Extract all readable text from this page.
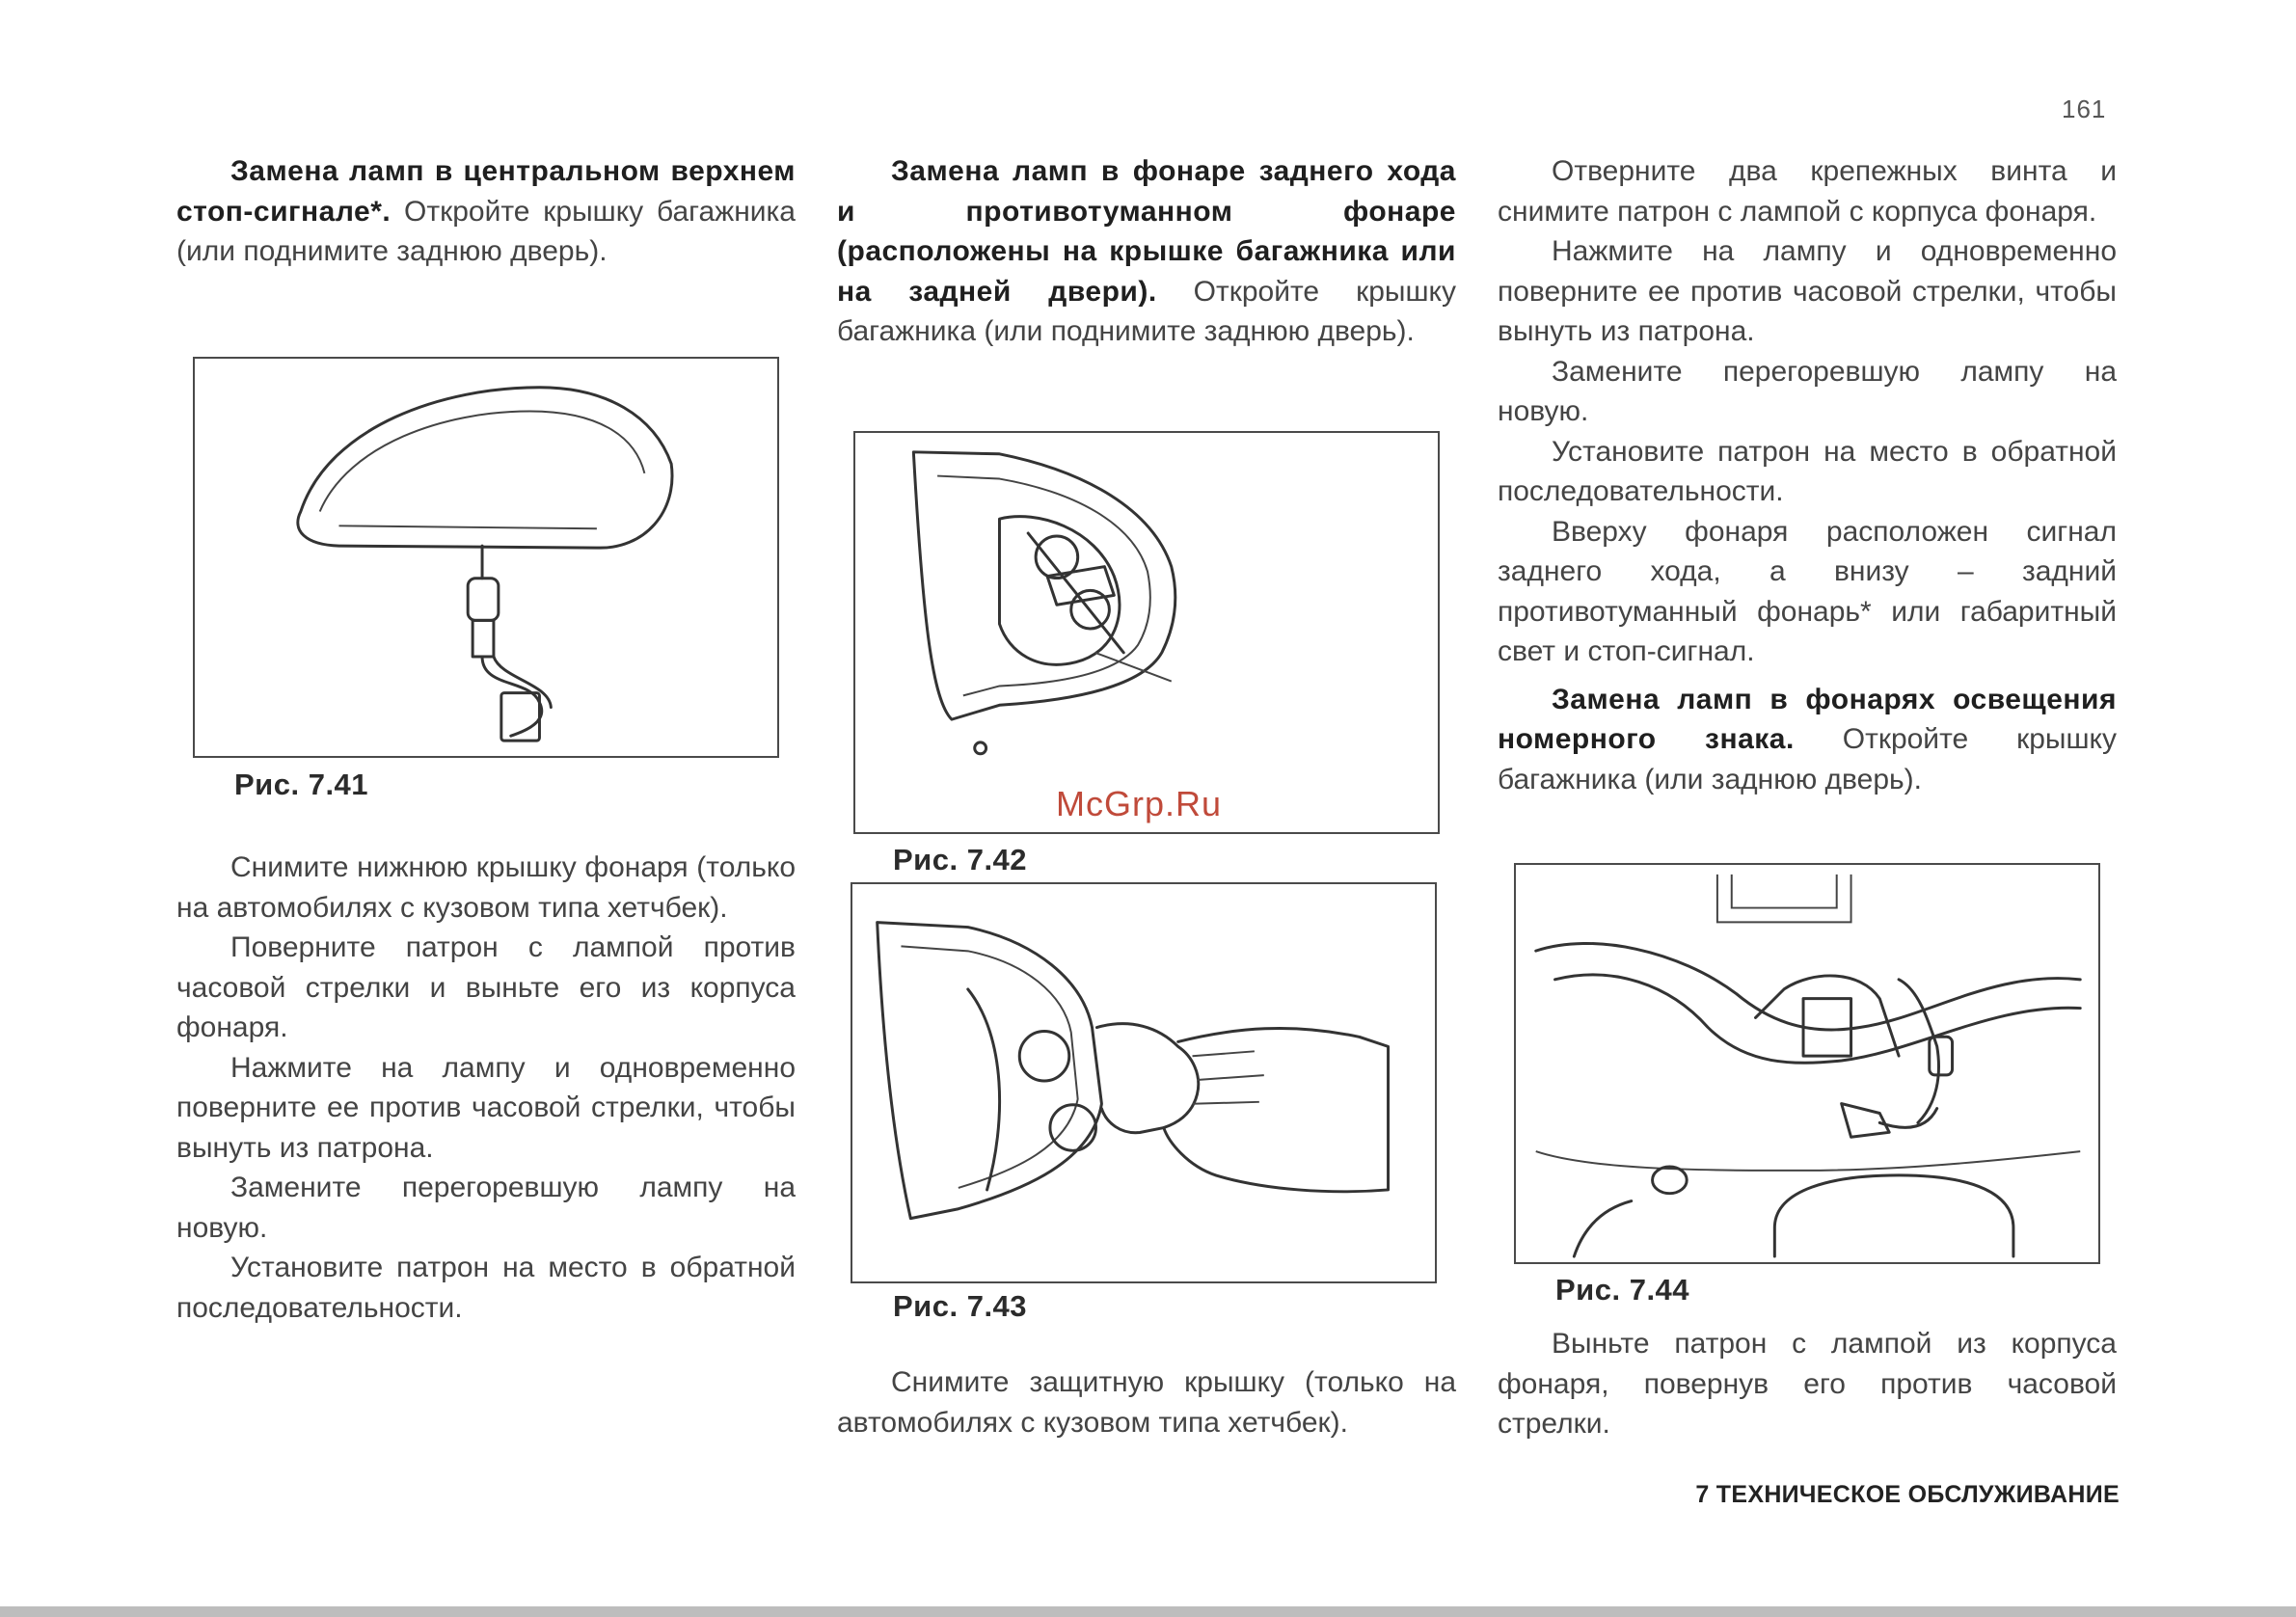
161

Замена ламп в центральном верхнем стоп-сигнале*. Откройте крышку багажника (или поднимите заднюю дверь).

Рис. 7.41

Снимите нижнюю крышку фонаря (только на автомобилях с кузовом типа хетчбек).

Поверните патрон с лампой против часовой стрелки и выньте его из корпуса фонаря.

Нажмите на лампу и одновременно поверните ее против часовой стрелки, чтобы вынуть из патрона.

Замените перегоревшую лампу на новую.

Установите патрон на место в обратной последовательности.

Замена ламп в фонаре заднего хода и противотуманном фонаре (расположены на крышке багажника или на задней двери). Откройте крышку багажника (или поднимите заднюю дверь).

Рис. 7.42
Рис. 7.43

Снимите защитную крышку (только на автомобилях с кузовом типа хетчбек).

McGrp.Ru

Отверните два крепежных винта и снимите патрон с лампой с корпуса фонаря.

Нажмите на лампу и одновременно поверните ее против часовой стрелки, чтобы вынуть из патрона.

Замените перегоревшую лампу на новую.

Установите патрон на место в обратной последовательности.

Вверху фонаря расположен сигнал заднего хода, а внизу – задний противотуманный фонарь* или габаритный свет и стоп-сигнал.

Замена ламп в фонарях освещения номерного знака. Откройте крышку багажника (или заднюю дверь).

Рис. 7.44

Выньте патрон с лампой из корпуса фонаря, повернув его против часовой стрелки.

7 ТЕХНИЧЕСКОЕ ОБСЛУЖИВАНИЕ
